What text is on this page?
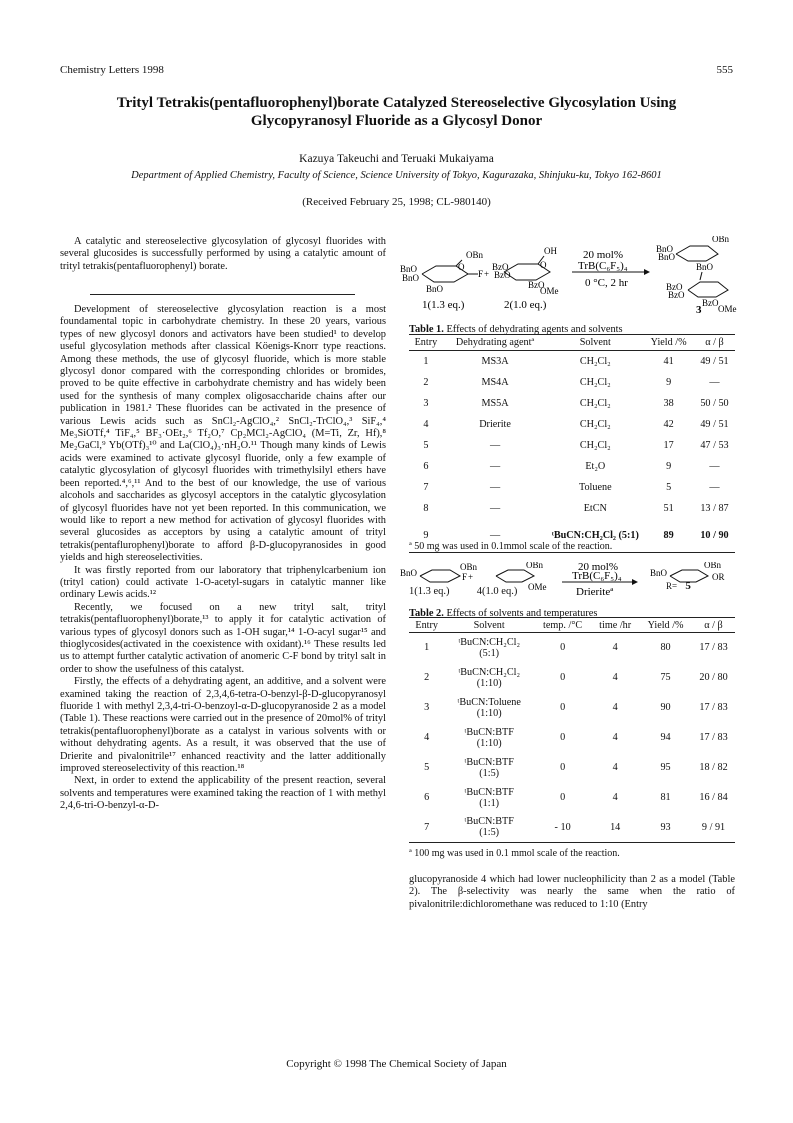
Chemistry Letters 1998	555
Trityl Tetrakis(pentafluorophenyl)borate Catalyzed Stereoselective Glycosylation Using
Glycopyranosyl Fluoride as a Glycosyl Donor
Kazuya Takeuchi and Teruaki Mukaiyama
Department of Applied Chemistry, Faculty of Science, Science University of Tokyo, Kagurazaka, Shinjuku-ku, Tokyo 162-8601
(Received February 25, 1998; CL-980140)

A catalytic and stereoselective glycosylation of glycosyl fluorides with several glucosides is successfully performed by using a catalytic amount of trityl tetrakis(pentafluorophenyl) borate.

Development of stereoselective glycosylation reaction is a most foundamental topic in carbohydrate chemistry. In these 20 years, various types of new glycosyl donors and activators have been studied¹ to develop useful glycosylation methods after classical Köenigs-Knorr type reactions. Among these methods, the use of glycosyl fluoride, which is more stable glycosyl donor compared with the corresponding chlorides or bromides, proved to be quite effective in carbohydrate chemistry and has widely been used for the synthesis of many complex oligosaccharide chains after our publication in 1981.² These fluorides can be activated in the presence of various Lewis acids such as SnCl₂-AgClO₄,² SnCl₂-TrClO₄,³ SiF₄,⁴ Me₃SiOTf,⁴ TiF₄,⁵ BF₃·OEt₂,⁶ Tf₂O,⁷ Cp₂MCl₂-AgClO₄ (M=Ti, Zr, Hf),⁸ Me₂GaCl,⁹ Yb(OTf)₃¹⁰ and La(ClO₄)₃·nH₂O.¹¹ Though many kinds of Lewis acids were examined to activate glycosyl fluoride, only a few example of catalytic glycosylation of glycosyl fluorides with trimethylsilyl ethers have been reported.⁴,⁶,¹¹ And to the best of our knowledge, the use of various alcohols and saccharides as glycosyl acceptors in the catalytic glycosylation of glycosyl fluorides have not yet been reported. In this communication, we would like to report a new method for activation of glycosyl fluorides with several glucosides as acceptors by using a catalytic amount of trityl tetrakis(pentaflurophenyl)borate to afford β-D-glucopyranosides in good yields and high stereoselectivities.

It was firstly reported from our laboratory that triphenylcarbenium ion (trityl cation) could activate 1-O-acetyl-sugars in catalytic manner like ordinary Lewis acids.¹²

Recently, we focused on a new trityl salt, trityl tetrakis(pentafluorophenyl)borate,¹³ to apply it for catalytic activation of various types of glycosyl donors such as 1-OH sugar,¹⁴ 1-O-acyl sugar¹⁵ and thioglycosides(activated in the coexistence with oxidant).¹⁶ These results led us to attempt further catalytic activation of anomeric C-F bond by trityl salt in order to show the usefulness of this catalyst.

Firstly, the effects of a dehydrating agent, an additive, and a solvent were examined taking the reaction of 2,3,4,6-tetra-O-benzyl-β-D-glucopyranosyl fluoride 1 with methyl 2,3,4-tri-O-benzoyl-α-D-glucopyranoside 2 as a model (Table 1). These reactions were carried out in the presence of 20mol% of trityl tetrakis(pentafluorophenyl)borate as a catalyst in various solvents with or without dehydrating agents. As a result, it was observed that the use of Drierite and pivalonitrile¹⁷ enhanced reactivity and the latter additionally improved stereoselectivity of this reaction.¹⁸

Next, in order to extend the applicability of the present reaction, several solvents and temperatures were examined taking the reaction of 1 with methyl 2,4,6-tri-O-benzyl-α-D-

OBn
BnO
BnO
BnO
O
F +
OH
BzO
BzO
BzO
OMe
O
20 mol%
TrB(C₆F₅)₄
0 °C, 2 hr
OBn
BnO
BnO
BnO
BzO
BzO
BzO
OMe
3
1(1.3 eq.)	2(1.0 eq.)
Table 1. Effects of dehydrating agents and solvents
Entry	Dehydrating agentª	Solvent	Yield /%	α / β
1	MS3A	CH₂Cl₂	41	49 / 51
2	MS4A	CH₂Cl₂	9	—
3	MS5A	CH₂Cl₂	38	50 / 50
4	Drierite	CH₂Cl₂	42	49 / 51
5	—	CH₂Cl₂	17	47 / 53
6	—	Et₂O	9	—
7	—	Toluene	5	—
8	—	EtCN	51	13 / 87
9	—	ᵗBuCN:CH₂Cl₂ (5:1)	89	10 / 90
ª 50 mg was used in 0.1mmol scale of the reaction.
OBn
BnO	F +
OBn
OMe
20 mol%
TrB(C₆F₅)₄
Drieriteª
OBn
BnO	OR
1(1.3 eq.)	4(1.0 eq.)	R= 5
Table 2. Effects of solvents and temperatures
Entry	Solvent	temp. /°C	time /hr	Yield /%	α / β
1	ᵗBuCN:CH₂Cl₂
(5:1)	0	4	80	17 / 83
2	ᵗBuCN:CH₂Cl₂
(1:10)	0	4	75	20 / 80
3	ᵗBuCN:Toluene
(1:10)	0	4	90	17 / 83
4	ᵗBuCN:BTF
(1:10)	0	4	94	17 / 83
5	ᵗBuCN:BTF
(1:5)	0	4	95	18 / 82
6	ᵗBuCN:BTF
(1:1)	0	4	81	16 / 84
7	ᵗBuCN:BTF
(1:5)	- 10	14	93	9 / 91
ª 100 mg was used in 0.1 mmol scale of the reaction.

glucopyranoside 4 which had lower nucleophilicity than 2 as a model (Table 2). The β-selectivity was nearly the same when the ratio of pivalonitrile:dichloromethane was reduced to 1:10 (Entry

Copyright © 1998 The Chemical Society of Japan
